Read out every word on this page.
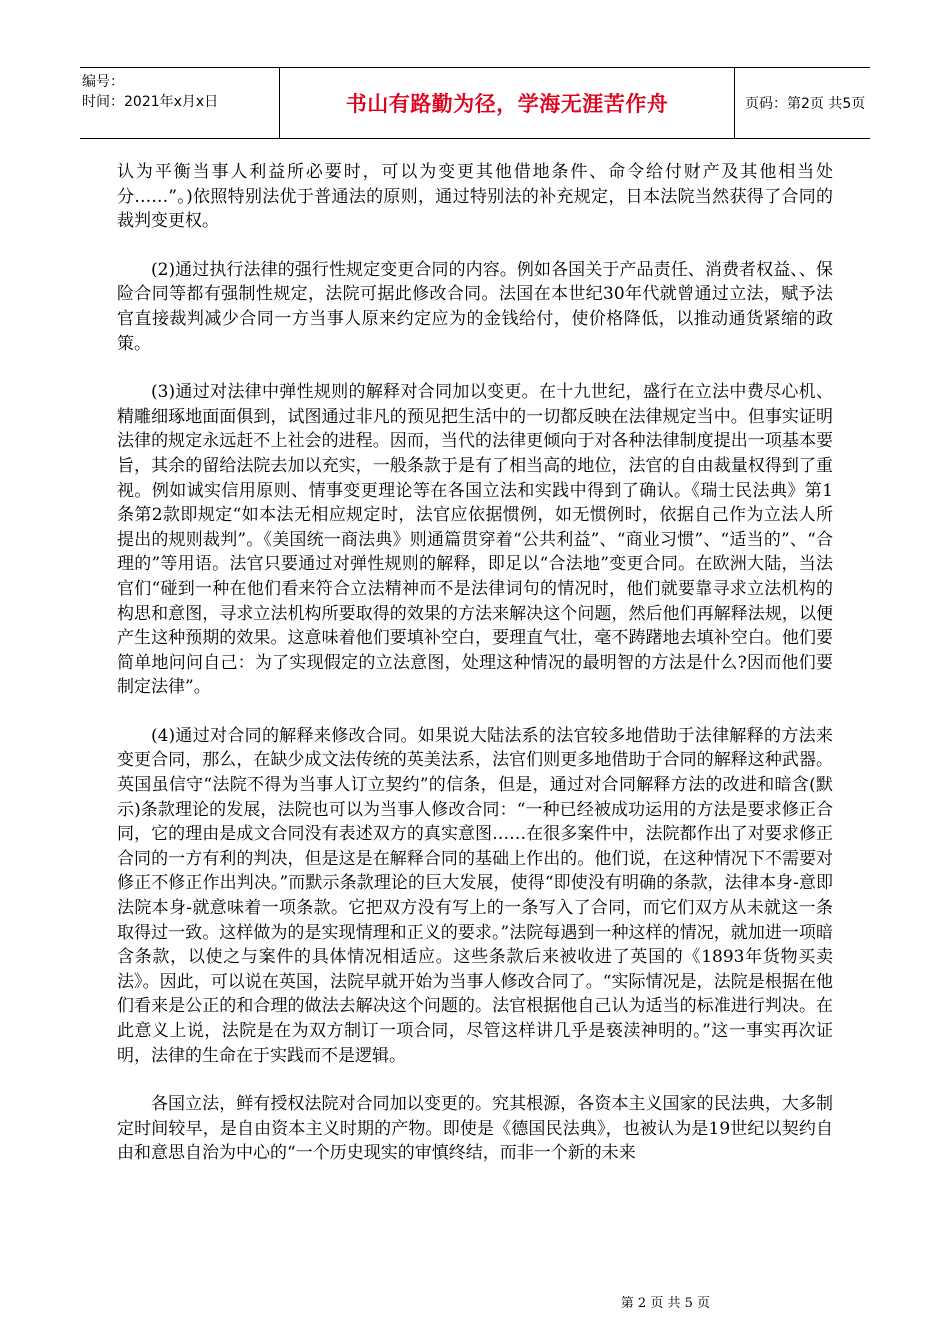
编号：
时间：2021年x月x日	书山有路勤为径，学海无涯苦作舟	页码：第2页 共5页

认为平衡当事人利益所必要时，可以为变更其他借地条件、命令给付财产及其他相当处分……”。)依照特别法优于普通法的原则，通过特别法的补充规定，日本法院当然获得了合同的裁判变更权。

(2)通过执行法律的强行性规定变更合同的内容。例如各国关于产品责任、消费者权益、、保险合同等都有强制性规定，法院可据此修改合同。法国在本世纪30年代就曾通过立法，赋予法官直接裁判减少合同一方当事人原来约定应为的金钱给付，使价格降低，以推动通货紧缩的政策。

(3)通过对法律中弹性规则的解释对合同加以变更。在十九世纪，盛行在立法中费尽心机、精雕细琢地面面俱到，试图通过非凡的预见把生活中的一切都反映在法律规定当中。但事实证明法律的规定永远赶不上社会的进程。因而，当代的法律更倾向于对各种法律制度提出一项基本要旨，其余的留给法院去加以充实，一般条款于是有了相当高的地位，法官的自由裁量权得到了重视。例如诚实信用原则、情事变更理论等在各国立法和实践中得到了确认。《瑞士民法典》第1条第2款即规定“如本法无相应规定时，法官应依据惯例，如无惯例时，依据自己作为立法人所提出的规则裁判”。《美国统一商法典》则通篇贯穿着“公共利益”、“商业习惯”、“适当的”、“合理的”等用语。法官只要通过对弹性规则的解释，即足以“合法地”变更合同。在欧洲大陆，当法官们“碰到一种在他们看来符合立法精神而不是法律词句的情况时，他们就要靠寻求立法机构的构思和意图，寻求立法机构所要取得的效果的方法来解决这个问题，然后他们再解释法规，以便产生这种预期的效果。这意味着他们要填补空白，要理直气壮，毫不踌躇地去填补空白。他们要简单地问问自己：为了实现假定的立法意图，处理这种情况的最明智的方法是什么?因而他们要制定法律”。

(4)通过对合同的解释来修改合同。如果说大陆法系的法官较多地借助于法律解释的方法来变更合同，那么，在缺少成文法传统的英美法系，法官们则更多地借助于合同的解释这种武器。英国虽信守“法院不得为当事人订立契约”的信条，但是，通过对合同解释方法的改进和暗含(默示)条款理论的发展，法院也可以为当事人修改合同：“一种已经被成功运用的方法是要求修正合同，它的理由是成文合同没有表述双方的真实意图……在很多案件中，法院都作出了对要求修正合同的一方有利的判决，但是这是在解释合同的基础上作出的。他们说，在这种情况下不需要对修正不修正作出判决。”而默示条款理论的巨大发展，使得“即使没有明确的条款，法律本身-意即法院本身-就意味着一项条款。它把双方没有写上的一条写入了合同，而它们双方从未就这一条取得过一致。这样做为的是实现情理和正义的要求。”法院每遇到一种这样的情况，就加进一项暗含条款，以使之与案件的具体情况相适应。这些条款后来被收进了英国的《1893年货物买卖法》。因此，可以说在英国，法院早就开始为当事人修改合同了。“实际情况是，法院是根据在他们看来是公正的和合理的做法去解决这个问题的。法官根据他自己认为适当的标准进行判决。在此意义上说，法院是在为双方制订一项合同，尽管这样讲几乎是亵渎神明的。”这一事实再次证明，法律的生命在于实践而不是逻辑。

各国立法，鲜有授权法院对合同加以变更的。究其根源，各资本主义国家的民法典，大多制定时间较早，是自由资本主义时期的产物。即使是《德国民法典》，也被认为是19世纪以契约自由和意思自治为中心的“一个历史现实的审慎终结，而非一个新的未来

第 2 页 共 5 页
